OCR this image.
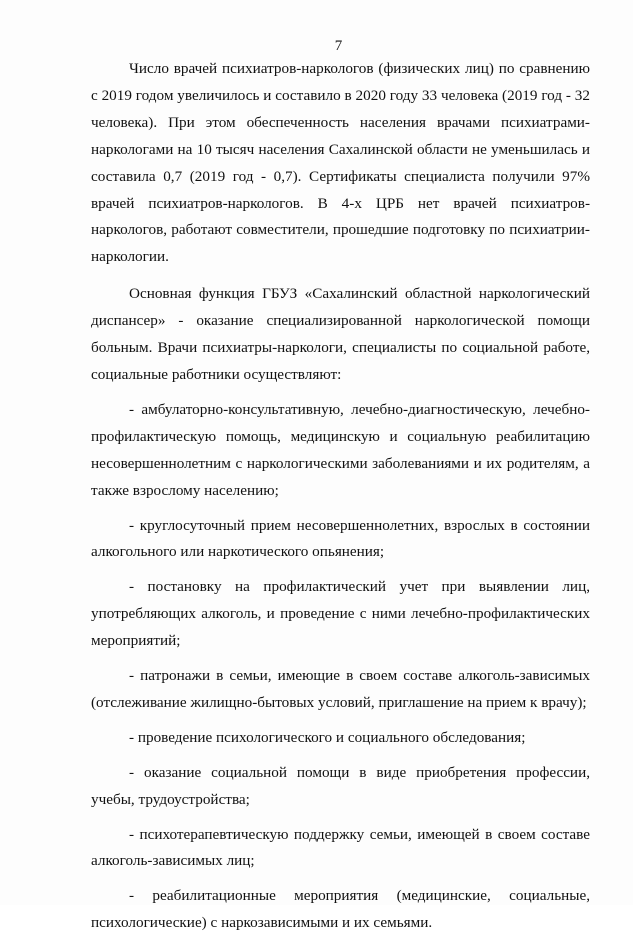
7

Число врачей психиатров-наркологов (физических лиц) по сравнению с 2019 годом увеличилось и составило в 2020 году 33 человека (2019 год - 32 человека). При этом обеспеченность населения врачами психиатрами-наркологами на 10 тысяч населения Сахалинской области не уменьшилась и составила 0,7 (2019 год - 0,7). Сертификаты специалиста получили 97% врачей психиатров-наркологов. В 4-х ЦРБ нет врачей психиатров-наркологов, работают совместители, прошедшие подготовку по психиатрии-наркологии.

Основная функция ГБУЗ «Сахалинский областной наркологический диспансер» - оказание специализированной наркологической помощи больным. Врачи психиатры-наркологи, специалисты по социальной работе, социальные работники осуществляют:

- амбулаторно-консультативную, лечебно-диагностическую, лечебно-профилактическую помощь, медицинскую и социальную реабилитацию несовершеннолетним с наркологическими заболеваниями и их родителям, а также взрослому населению;

- круглосуточный прием несовершеннолетних, взрослых в состоянии алкогольного или наркотического опьянения;

- постановку на профилактический учет при выявлении лиц, употребляющих алкоголь, и проведение с ними лечебно-профилактических мероприятий;

- патронажи в семьи, имеющие в своем составе алкоголь-зависимых (отслеживание жилищно-бытовых условий, приглашение на прием к врачу);

- проведение психологического и социального обследования;

- оказание социальной помощи в виде приобретения профессии, учебы, трудоустройства;

- психотерапевтическую поддержку семьи, имеющей в своем составе алкоголь-зависимых лиц;

- реабилитационные мероприятия (медицинские, социальные, психологические) с наркозависимыми и их семьями.
